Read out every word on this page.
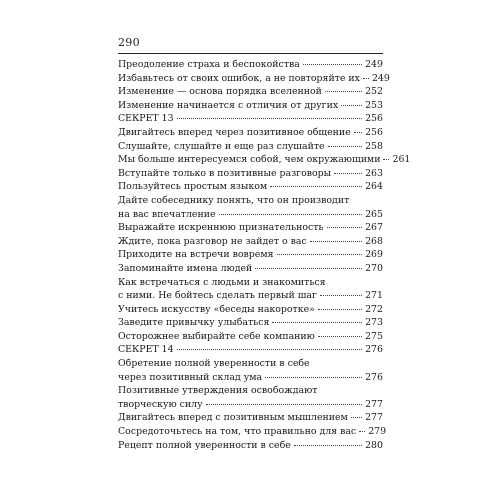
290
Преодоление страха и беспокойства	249
Избавьтесь от своих ошибок, а не повторяйте их 249
Изменение — основа порядка вселенной	252
Изменение начинается с отличия от других	253
СЕКРЕТ 13	256
Двигайтесь вперед через позитивное общение 256
Слушайте, слушайте и еще раз слушайте	258
Мы больше интересуемся собой, чем окружающими 261
Вступайте только в позитивные разговоры	263
Пользуйтесь простым языком	264
Дайте собеседнику понять, что он производит
на вас впечатление	265
Выражайте искреннюю признательность	267
Ждите, пока разговор не зайдет о вас	268
Приходите на встречи вовремя	269
Запоминайте имена людей	270
Как встречаться с людьми и знакомиться
с ними. Не бойтесь сделать первый шаг	271
Учитесь искусству «беседы накоротке»	272
Заведите привычку улыбаться	273
Осторожнее выбирайте себе компанию	275
СЕКРЕТ 14	276
Обретение полной уверенности в себе
через позитивный склад ума	276
Позитивные утверждения освобождают
творческую силу	277
Двигайтесь вперед с позитивным мышлением 277
Сосредоточьтесь на том, что правильно для вас 279
Рецепт полной уверенности в себе	280
